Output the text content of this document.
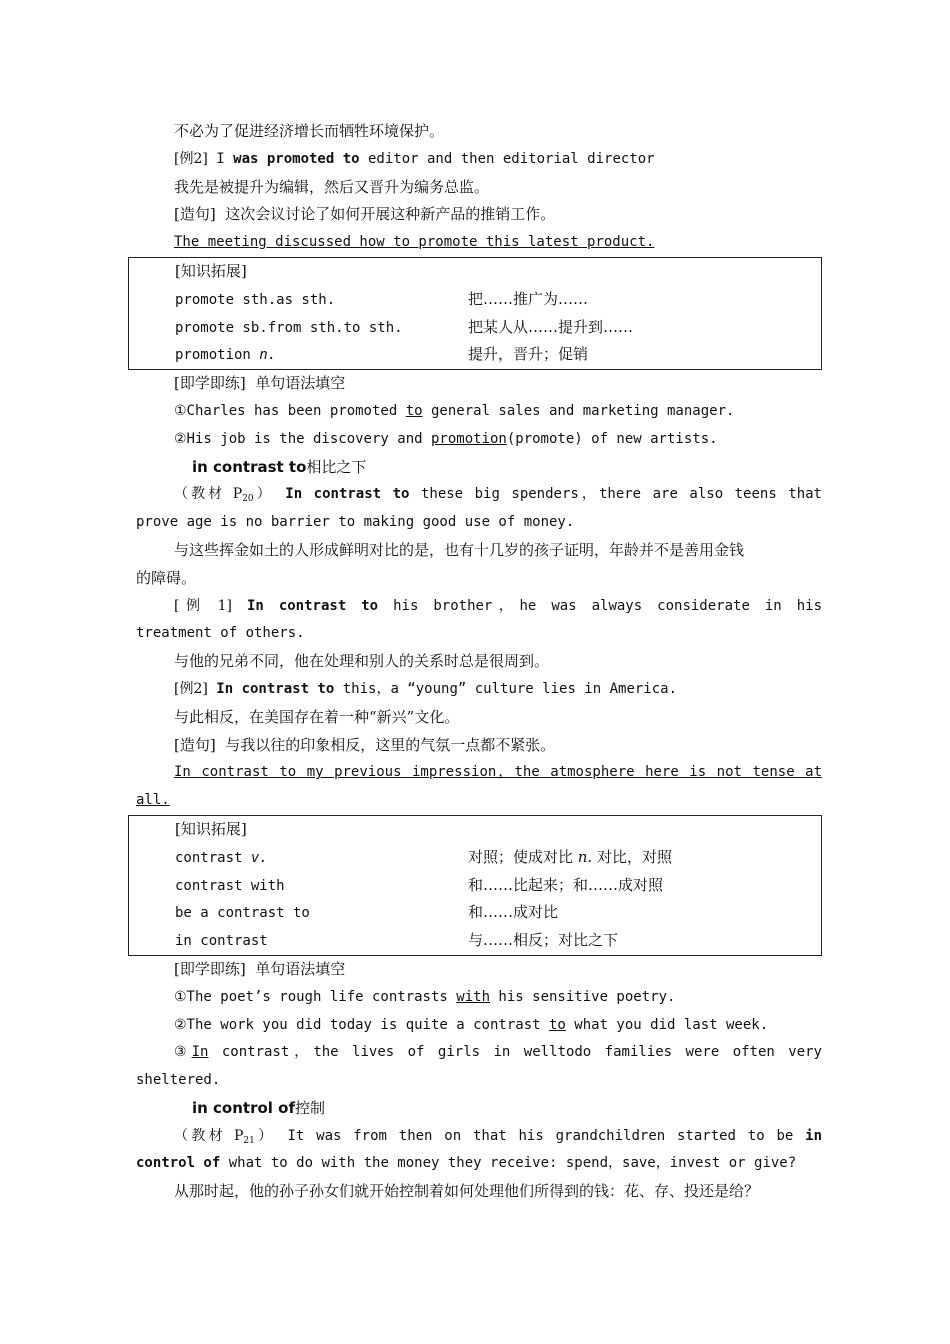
不必为了促进经济增长而牺牲环境保护。
[例2] I was promoted to editor and then editorial director
我先是被提升为编辑，然后又晋升为编务总监。
[造句] 这次会议讨论了如何开展这种新产品的推销工作。
The meeting discussed how to promote this latest product.
[知识拓展]
promote sth.as sth.	把……推广为……
promote sb.from sth.to sth.	把某人从……提升到……
promotion n.	提升，晋升；促销
[即学即练] 单句语法填空
①Charles has been promoted to general sales and marketing manager.
②His job is the discovery and promotion(promote) of new artists.
in contrast to相比之下
（教材 $P_{20}$） In contrast to these big spenders，there are also teens that
prove age is no barrier to making good use of money.
与这些挥金如土的人形成鲜明对比的是，也有十几岁的孩子证明，年龄并不是善用金钱
的障碍。
[例 1] In contrast to his brother，he was always considerate in his
treatment of others.
与他的兄弟不同，他在处理和别人的关系时总是很周到。
[例2] In contrast to this，a “young” culture lies in America.
与此相反，在美国存在着一种“新兴”文化。
[造句] 与我以往的印象相反，这里的气氛一点都不紧张。
In contrast to my previous impression，the atmosphere here is not tense at
all.
[知识拓展]
contrast v.	对照；使成对比 n. 对比，对照
contrast with	和……比起来；和……成对照
be a contrast to	和……成对比
in contrast	与……相反；对比之下
[即学即练] 单句语法填空
①The poet’s rough life contrasts with his sensitive poetry.
②The work you did today is quite a contrast to what you did last week.
③In contrast，the lives of girls in welltodo families were often very
sheltered.
in control of控制
（教材 $P_{21}$） It was from then on that his grandchildren started to be in
control of what to do with the money they receive: spend，save，invest or give?
从那时起，他的孙子孙女们就开始控制着如何处理他们所得到的钱：花、存、投还是给？
